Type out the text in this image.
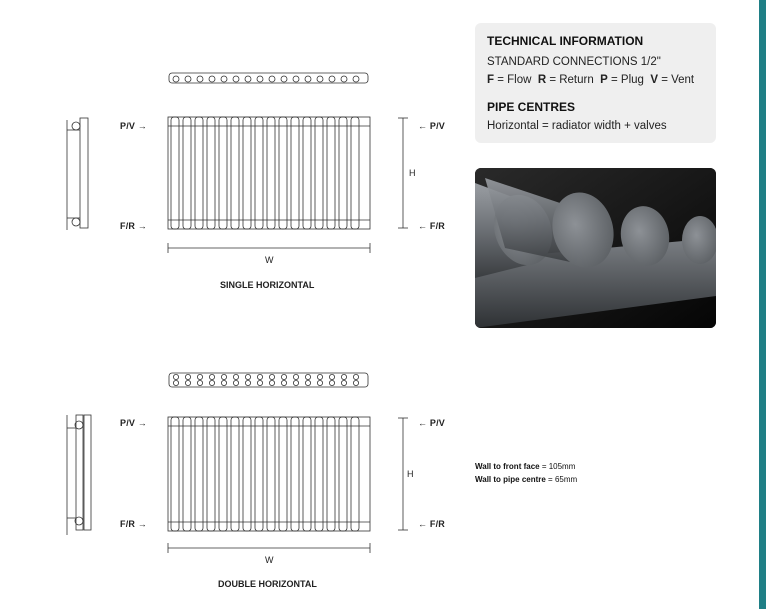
TECHNICAL INFORMATION
STANDARD CONNECTIONS 1/2"
F = Flow R = Return P = Plug V = Vent
PIPE CENTRES
Horizontal = radiator width + valves
P/V →
F/R →
← P/V
← F/R
H
W
SINGLE HORIZONTAL
P/V →
F/R →
← P/V
← F/R
H
W
DOUBLE HORIZONTAL
Wall to front face = 105mm
Wall to pipe centre = 65mm
